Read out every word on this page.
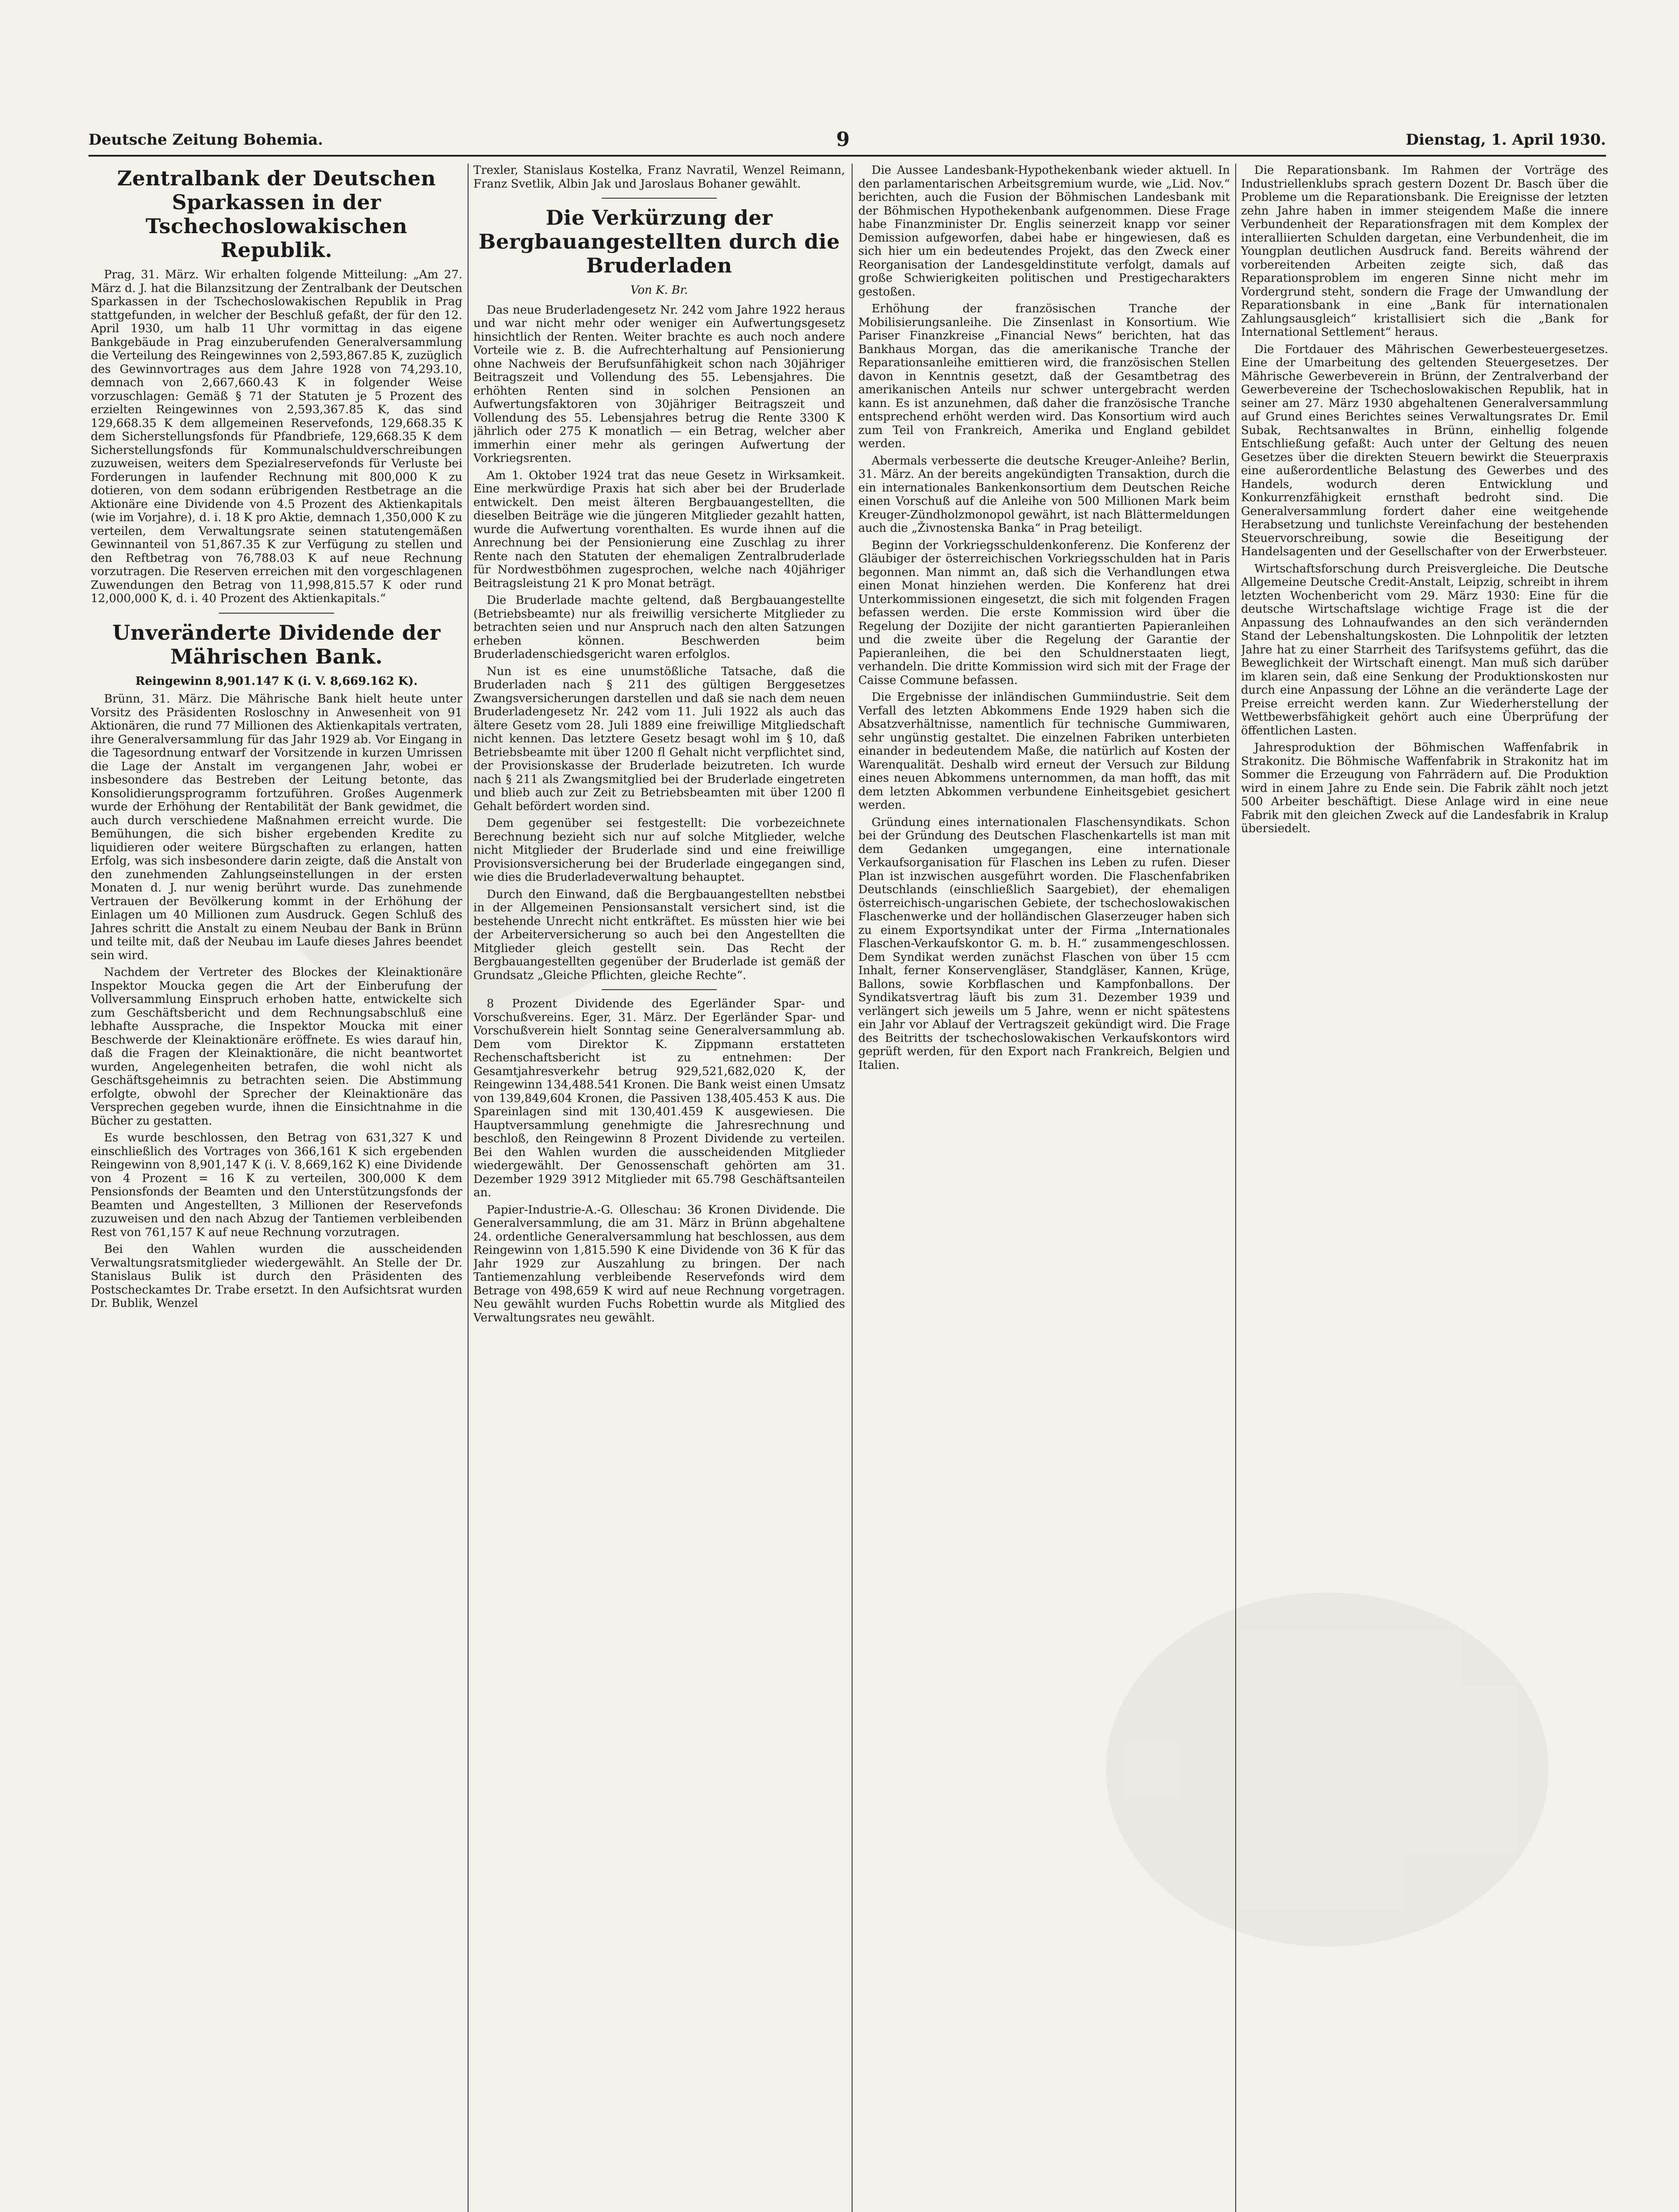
Deutsche Zeitung Bohemia.	9	Dienstag, 1. April 1930.
Zentralbank der Deutschen Sparkassen in der Tschechoslowakischen Republik.

Prag, 31. März. Wir erhalten folgende Mitteilung: „Am 27. März d. J. hat die Bilanzsitzung der Zentralbank der Deutschen Sparkassen in der Tschechoslowakischen Republik in Prag stattgefunden, in welcher der Beschluß gefaßt, der für den 12. April 1930, um halb 11 Uhr vormittag in das eigene Bankgebäude in Prag einzuberufenden Generalversammlung die Verteilung des Reingewinnes von 2,593,867.85 K, zuzüglich des Gewinnvortrages aus dem Jahre 1928 von 74,293.10, demnach von 2,667,660.43 K in folgender Weise vorzuschlagen: Gemäß § 71 der Statuten je 5 Prozent des erzielten Reingewinnes von 2,593,367.85 K, das sind 129,668.35 K dem allgemeinen Reservefonds, 129,668.35 K dem Sicherstellungsfonds für Pfandbriefe, 129,668.35 K dem Sicherstellungsfonds für Kommunalschuldverschreibungen zuzuweisen, weiters dem Spezialreservefonds für Verluste bei Forderungen in laufender Rechnung mit 800,000 K zu dotieren, von dem sodann erübrigenden Restbetrage an die Aktionäre eine Dividende von 4.5 Prozent des Aktienkapitals (wie im Vorjahre), d. i. 18 K pro Aktie, demnach 1,350,000 K zu verteilen, dem Verwaltungsrate seinen statutengemäßen Gewinnanteil von 51,867.35 K zur Verfügung zu stellen und den Reftbetrag von 76,788.03 K auf neue Rechnung vorzutragen. Die Reserven erreichen mit den vorgeschlagenen Zuwendungen den Betrag von 11,998,815.57 K oder rund 12,000,000 K, d. i. 40 Prozent des Aktienkapitals.“

Unveränderte Dividende der Mährischen Bank.
Reingewinn 8,901.147 K (i. V. 8,669.162 K).

Brünn, 31. März. Die Mährische Bank hielt heute unter Vorsitz des Präsidenten Rosloschny in Anwesenheit von 91 Aktionären, die rund 77 Millionen des Aktienkapitals vertraten, ihre Generalversammlung für das Jahr 1929 ab. Vor Eingang in die Tagesordnung entwarf der Vorsitzende in kurzen Umrissen die Lage der Anstalt im vergangenen Jahr, wobei er insbesondere das Bestreben der Leitung betonte, das Konsolidierungsprogramm fortzuführen. Großes Augenmerk wurde der Erhöhung der Rentabilität der Bank gewidmet, die auch durch verschiedene Maßnahmen erreicht wurde. Die Bemühungen, die sich bisher ergebenden Kredite zu liquidieren oder weitere Bürgschaften zu erlangen, hatten Erfolg, was sich insbesondere darin zeigte, daß die Anstalt von den zunehmenden Zahlungseinstellungen in der ersten Monaten d. J. nur wenig berührt wurde. Das zunehmende Vertrauen der Bevölkerung kommt in der Erhöhung der Einlagen um 40 Millionen zum Ausdruck. Gegen Schluß des Jahres schritt die Anstalt zu einem Neubau der Bank in Brünn und teilte mit, daß der Neubau im Laufe dieses Jahres beendet sein wird.

Nachdem der Vertreter des Blockes der Kleinaktionäre Inspektor Moucka gegen die Art der Einberufung der Vollversammlung Einspruch erhoben hatte, entwickelte sich zum Geschäftsbericht und dem Rechnungsabschluß eine lebhafte Aussprache, die Inspektor Moucka mit einer Beschwerde der Kleinaktionäre eröffnete. Es wies darauf hin, daß die Fragen der Kleinaktionäre, die nicht beantwortet wurden, Angelegenheiten betrafen, die wohl nicht als Geschäftsgeheimnis zu betrachten seien. Die Abstimmung erfolgte, obwohl der Sprecher der Kleinaktionäre das Versprechen gegeben wurde, ihnen die Einsichtnahme in die Bücher zu gestatten.

Es wurde beschlossen, den Betrag von 631,327 K und einschließlich des Vortrages von 366,161 K sich ergebenden Reingewinn von 8,901,147 K (i. V. 8,669,162 K) eine Dividende von 4 Prozent = 16 K zu verteilen, 300,000 K dem Pensionsfonds der Beamten und den Unterstützungsfonds der Beamten und Angestellten, 3 Millionen der Reservefonds zuzuweisen und den nach Abzug der Tantiemen verbleibenden Rest von 761,157 K auf neue Rechnung vorzutragen.

Bei den Wahlen wurden die ausscheidenden Verwaltungsratsmitglieder wiedergewählt. An Stelle der Dr. Stanislaus Bulik ist durch den Präsidenten des Postscheckamtes Dr. Trabe ersetzt. In den Aufsichtsrat wurden Dr. Bublik, Wenzel

Trexler, Stanislaus Kostelka, Franz Navratil, Wenzel Reimann, Franz Svetlik, Albin Jak und Jaroslaus Bohaner gewählt.

Die Verkürzung der Bergbauangestellten durch die Bruderladen
Von K. Br.

Das neue Bruderladengesetz Nr. 242 vom Jahre 1922 heraus und war nicht mehr oder weniger ein Aufwertungsgesetz hinsichtlich der Renten. Weiter brachte es auch noch andere Vorteile wie z. B. die Aufrechterhaltung auf Pensionierung ohne Nachweis der Berufsunfähigkeit schon nach 30jähriger Beitragszeit und Vollendung des 55. Lebensjahres. Die erhöhten Renten sind in solchen Pensionen an Aufwertungsfaktoren von 30jähriger Beitragszeit und Vollendung des 55. Lebensjahres betrug die Rente 3300 K jährlich oder 275 K monatlich — ein Betrag, welcher aber immerhin einer mehr als geringen Aufwertung der Vorkriegsrenten.

Am 1. Oktober 1924 trat das neue Gesetz in Wirksamkeit. Eine merkwürdige Praxis hat sich aber bei der Bruderlade entwickelt. Den meist älteren Bergbauangestellten, die dieselben Beiträge wie die jüngeren Mitglieder gezahlt hatten, wurde die Aufwertung vorenthalten. Es wurde ihnen auf die Anrechnung bei der Pensionierung eine Zuschlag zu ihrer Rente nach den Statuten der ehemaligen Zentralbruderlade für Nordwestböhmen zugesprochen, welche nach 40jähriger Beitragsleistung 21 K pro Monat beträgt.

Die Bruderlade machte geltend, daß Bergbauangestellte (Betriebsbeamte) nur als freiwillig versicherte Mitglieder zu betrachten seien und nur Anspruch nach den alten Satzungen erheben können. Beschwerden beim Bruderladenschiedsgericht waren erfolglos.

Nun ist es eine unumstößliche Tatsache, daß die Bruderladen nach § 211 des gültigen Berggesetzes Zwangsversicherungen darstellen und daß sie nach dem neuen Bruderladengesetz Nr. 242 vom 11. Juli 1922 als auch das ältere Gesetz vom 28. Juli 1889 eine freiwillige Mitgliedschaft nicht kennen. Das letztere Gesetz besagt wohl im § 10, daß Betriebsbeamte mit über 1200 fl Gehalt nicht verpflichtet sind, der Provisionskasse der Bruderlade beizutreten. Ich wurde nach § 211 als Zwangsmitglied bei der Bruderlade eingetreten und blieb auch zur Zeit zu Betriebsbeamten mit über 1200 fl Gehalt befördert worden sind.

Dem gegenüber sei festgestellt: Die vorbezeichnete Berechnung bezieht sich nur auf solche Mitglieder, welche nicht Mitglieder der Bruderlade sind und eine freiwillige Provisionsversicherung bei der Bruderlade eingegangen sind, wie dies die Bruderladeverwaltung behauptet.

Durch den Einwand, daß die Bergbauangestellten nebstbei in der Allgemeinen Pensionsanstalt versichert sind, ist die bestehende Unrecht nicht entkräftet. Es müssten hier wie bei der Arbeiterversicherung so auch bei den Angestellten die Mitglieder gleich gestellt sein. Das Recht der Bergbauangestellten gegenüber der Bruderlade ist gemäß der Grundsatz „Gleiche Pflichten, gleiche Rechte“.

8 Prozent Dividende des Egerländer Spar- und Vorschußvereins. Eger, 31. März. Der Egerländer Spar- und Vorschußverein hielt Sonntag seine Generalversammlung ab. Dem vom Direktor K. Zippmann erstatteten Rechenschaftsbericht ist zu entnehmen: Der Gesamtjahresverkehr betrug 929,521,682,020 K, der Reingewinn 134,488.541 Kronen. Die Bank weist einen Umsatz von 139,849,604 Kronen, die Passiven 138,405.453 K aus. Die Spareinlagen sind mit 130,401.459 K ausgewiesen. Die Hauptversammlung genehmigte die Jahresrechnung und beschloß, den Reingewinn 8 Prozent Dividende zu verteilen. Bei den Wahlen wurden die ausscheidenden Mitglieder wiedergewählt. Der Genossenschaft gehörten am 31. Dezember 1929 3912 Mitglieder mit 65.798 Geschäftsanteilen an.

Papier-Industrie-A.-G. Olleschau: 36 Kronen Dividende. Die Generalversammlung, die am 31. März in Brünn abgehaltene 24. ordentliche Generalversammlung hat beschlossen, aus dem Reingewinn von 1,815.590 K eine Dividende von 36 K für das Jahr 1929 zur Auszahlung zu bringen. Der nach Tantiemenzahlung verbleibende Reservefonds wird dem Betrage von 498,659 K wird auf neue Rechnung vorgetragen. Neu gewählt wurden Fuchs Robettin wurde als Mitglied des Verwaltungsrates neu gewählt.

Die Aussee Landesbank-Hypothekenbank wieder aktuell. In den parlamentarischen Arbeitsgremium wurde, wie „Lid. Nov.“ berichten, auch die Fusion der Böhmischen Landesbank mit der Böhmischen Hypothekenbank aufgenommen. Diese Frage habe Finanzminister Dr. Englis seinerzeit knapp vor seiner Demission aufgeworfen, dabei habe er hingewiesen, daß es sich hier um ein bedeutendes Projekt, das den Zweck einer Reorganisation der Landesgeldinstitute verfolgt, damals auf große Schwierigkeiten politischen und Prestigecharakters gestoßen.

Erhöhung der französischen Tranche der Mobilisierungsanleihe. Die Zinsenlast in Konsortium. Wie Pariser Finanzkreise „Financial News“ berichten, hat das Bankhaus Morgan, das die amerikanische Tranche der Reparationsanleihe emittieren wird, die französischen Stellen davon in Kenntnis gesetzt, daß der Gesamtbetrag des amerikanischen Anteils nur schwer untergebracht werden kann. Es ist anzunehmen, daß daher die französische Tranche entsprechend erhöht werden wird. Das Konsortium wird auch zum Teil von Frankreich, Amerika und England gebildet werden.

Abermals verbesserte die deutsche Kreuger-Anleihe? Berlin, 31. März. An der bereits angekündigten Transaktion, durch die ein internationales Bankenkonsortium dem Deutschen Reiche einen Vorschuß auf die Anleihe von 500 Millionen Mark beim Kreuger-Zündholzmonopol gewährt, ist nach Blättermeldungen auch die „Živnostenska Banka“ in Prag beteiligt.

Beginn der Vorkriegsschuldenkonferenz. Die Konferenz der Gläubiger der österreichischen Vorkriegsschulden hat in Paris begonnen. Man nimmt an, daß sich die Verhandlungen etwa einen Monat hinziehen werden. Die Konferenz hat drei Unterkommissionen eingesetzt, die sich mit folgenden Fragen befassen werden. Die erste Kommission wird über die Regelung der Dozijite der nicht garantierten Papieranleihen und die zweite über die Regelung der Garantie der Papieranleihen, die bei den Schuldnerstaaten liegt, verhandeln. Die dritte Kommission wird sich mit der Frage der Caisse Commune befassen.

Die Ergebnisse der inländischen Gummiindustrie. Seit dem Verfall des letzten Abkommens Ende 1929 haben sich die Absatzverhältnisse, namentlich für technische Gummiwaren, sehr ungünstig gestaltet. Die einzelnen Fabriken unterbieten einander in bedeutendem Maße, die natürlich auf Kosten der Warenqualität. Deshalb wird erneut der Versuch zur Bildung eines neuen Abkommens unternommen, da man hofft, das mit dem letzten Abkommen verbundene Einheitsgebiet gesichert werden.

Gründung eines internationalen Flaschensyndikats. Schon bei der Gründung des Deutschen Flaschenkartells ist man mit dem Gedanken umgegangen, eine internationale Verkaufsorganisation für Flaschen ins Leben zu rufen. Dieser Plan ist inzwischen ausgeführt worden. Die Flaschenfabriken Deutschlands (einschließlich Saargebiet), der ehemaligen österreichisch-ungarischen Gebiete, der tschechoslowakischen Flaschenwerke und der holländischen Glaserzeuger haben sich zu einem Exportsyndikat unter der Firma „Internationales Flaschen-Verkaufskontor G. m. b. H.“ zusammengeschlossen. Dem Syndikat werden zunächst Flaschen von über 15 ccm Inhalt, ferner Konservengläser, Standgläser, Kannen, Krüge, Ballons, sowie Korbflaschen und Kampfonballons. Der Syndikatsvertrag läuft bis zum 31. Dezember 1939 und verlängert sich jeweils um 5 Jahre, wenn er nicht spätestens ein Jahr vor Ablauf der Vertragszeit gekündigt wird. Die Frage des Beitritts der tschechoslowakischen Verkaufskontors wird geprüft werden, für den Export nach Frankreich, Belgien und Italien.

Die Reparationsbank. Im Rahmen der Vorträge des Industriellenklubs sprach gestern Dozent Dr. Basch über die Probleme um die Reparationsbank. Die Ereignisse der letzten zehn Jahre haben in immer steigendem Maße die innere Verbundenheit der Reparationsfragen mit dem Komplex der interalliierten Schulden dargetan, eine Verbundenheit, die im Youngplan deutlichen Ausdruck fand. Bereits während der vorbereitenden Arbeiten zeigte sich, daß das Reparationsproblem im engeren Sinne nicht mehr im Vordergrund steht, sondern die Frage der Umwandlung der Reparationsbank in eine „Bank für internationalen Zahlungsausgleich“ kristallisiert sich die „Bank for International Settlement“ heraus.

Die Fortdauer des Mährischen Gewerbesteuergesetzes. Eine der Umarbeitung des geltenden Steuergesetzes. Der Mährische Gewerbeverein in Brünn, der Zentralverband der Gewerbevereine der Tschechoslowakischen Republik, hat in seiner am 27. März 1930 abgehaltenen Generalversammlung auf Grund eines Berichtes seines Verwaltungsrates Dr. Emil Subak, Rechtsanwaltes in Brünn, einhellig folgende Entschließung gefaßt: Auch unter der Geltung des neuen Gesetzes über die direkten Steuern bewirkt die Steuerpraxis eine außerordentliche Belastung des Gewerbes und des Handels, wodurch deren Entwicklung und Konkurrenzfähigkeit ernsthaft bedroht sind. Die Generalversammlung fordert daher eine weitgehende Herabsetzung und tunlichste Vereinfachung der bestehenden Steuervorschreibung, sowie die Beseitigung der Handelsagenten und der Gesellschafter von der Erwerbsteuer.

Wirtschaftsforschung durch Preisvergleiche. Die Deutsche Allgemeine Deutsche Credit-Anstalt, Leipzig, schreibt in ihrem letzten Wochenbericht vom 29. März 1930: Eine für die deutsche Wirtschaftslage wichtige Frage ist die der Anpassung des Lohnaufwandes an den sich verändernden Stand der Lebenshaltungskosten. Die Lohnpolitik der letzten Jahre hat zu einer Starrheit des Tarifsystems geführt, das die Beweglichkeit der Wirtschaft einengt. Man muß sich darüber im klaren sein, daß eine Senkung der Produktionskosten nur durch eine Anpassung der Löhne an die veränderte Lage der Preise erreicht werden kann. Zur Wiederherstellung der Wettbewerbsfähigkeit gehört auch eine Überprüfung der öffentlichen Lasten.

Jahresproduktion der Böhmischen Waffenfabrik in Strakonitz. Die Böhmische Waffenfabrik in Strakonitz hat im Sommer die Erzeugung von Fahrrädern auf. Die Produktion wird in einem Jahre zu Ende sein. Die Fabrik zählt noch jetzt 500 Arbeiter beschäftigt. Diese Anlage wird in eine neue Fabrik mit den gleichen Zweck auf die Landesfabrik in Kralup übersiedelt.
